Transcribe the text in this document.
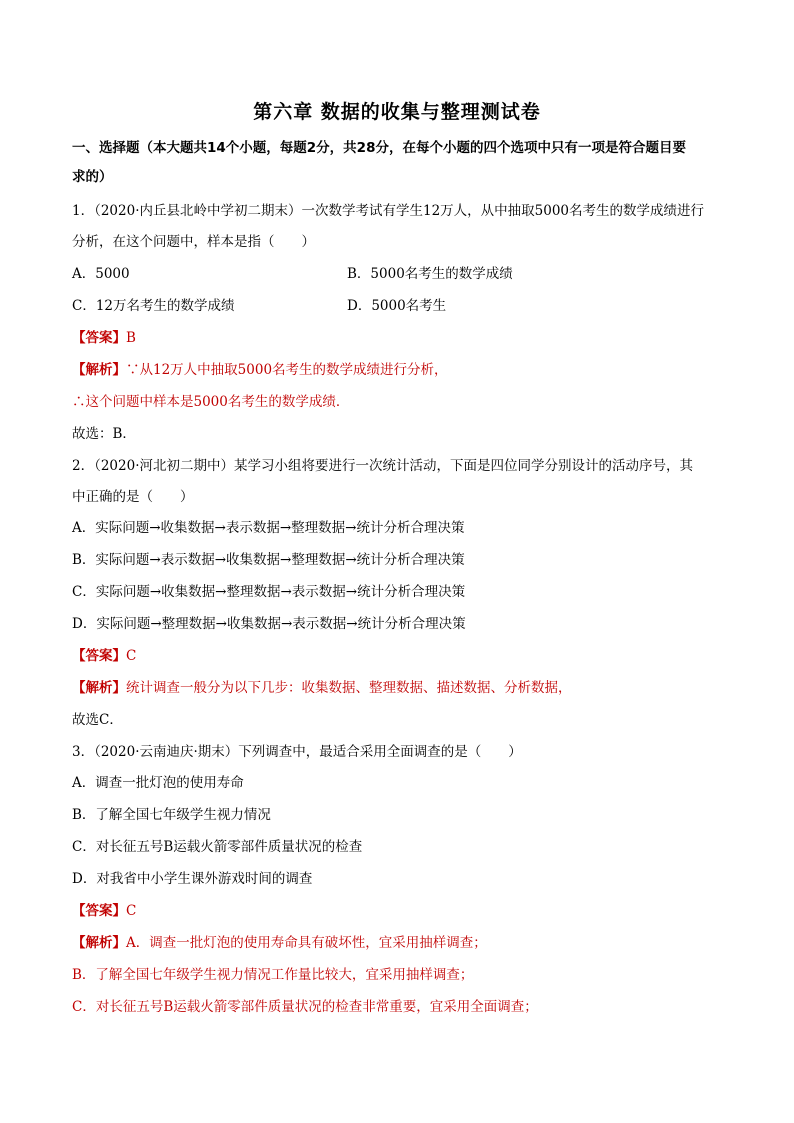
第六章 数据的收集与整理测试卷
一、选择题（本大题共14个小题，每题2分，共28分，在每个小题的四个选项中只有一项是符合题目要
求的）
1．（2020·内丘县北岭中学初二期末）一次数学考试有学生12万人，从中抽取5000名考生的数学成绩进行
分析，在这个问题中，样本是指（　　）
A．5000	B．5000名考生的数学成绩
C．12万名考生的数学成绩	D．5000名考生
【答案】B
【解析】∵从12万人中抽取5000名考生的数学成绩进行分析，
∴这个问题中样本是5000名考生的数学成绩．
故选：B．
2．（2020·河北初二期中）某学习小组将要进行一次统计活动，下面是四位同学分别设计的活动序号，其
中正确的是（　　）
A．实际问题→收集数据→表示数据→整理数据→统计分析合理决策
B．实际问题→表示数据→收集数据→整理数据→统计分析合理决策
C．实际问题→收集数据→整理数据→表示数据→统计分析合理决策
D．实际问题→整理数据→收集数据→表示数据→统计分析合理决策
【答案】C
【解析】统计调查一般分为以下几步：收集数据、整理数据、描述数据、分析数据，
故选C．
3．（2020·云南迪庆·期末）下列调查中，最适合采用全面调查的是（　　）
A．调查一批灯泡的使用寿命
B．了解全国七年级学生视力情况
C．对长征五号B运载火箭零部件质量状况的检查
D．对我省中小学生课外游戏时间的调查
【答案】C
【解析】A．调查一批灯泡的使用寿命具有破坏性，宜采用抽样调查；
B．了解全国七年级学生视力情况工作量比较大，宜采用抽样调查；
C．对长征五号B运载火箭零部件质量状况的检查非常重要，宜采用全面调查；
